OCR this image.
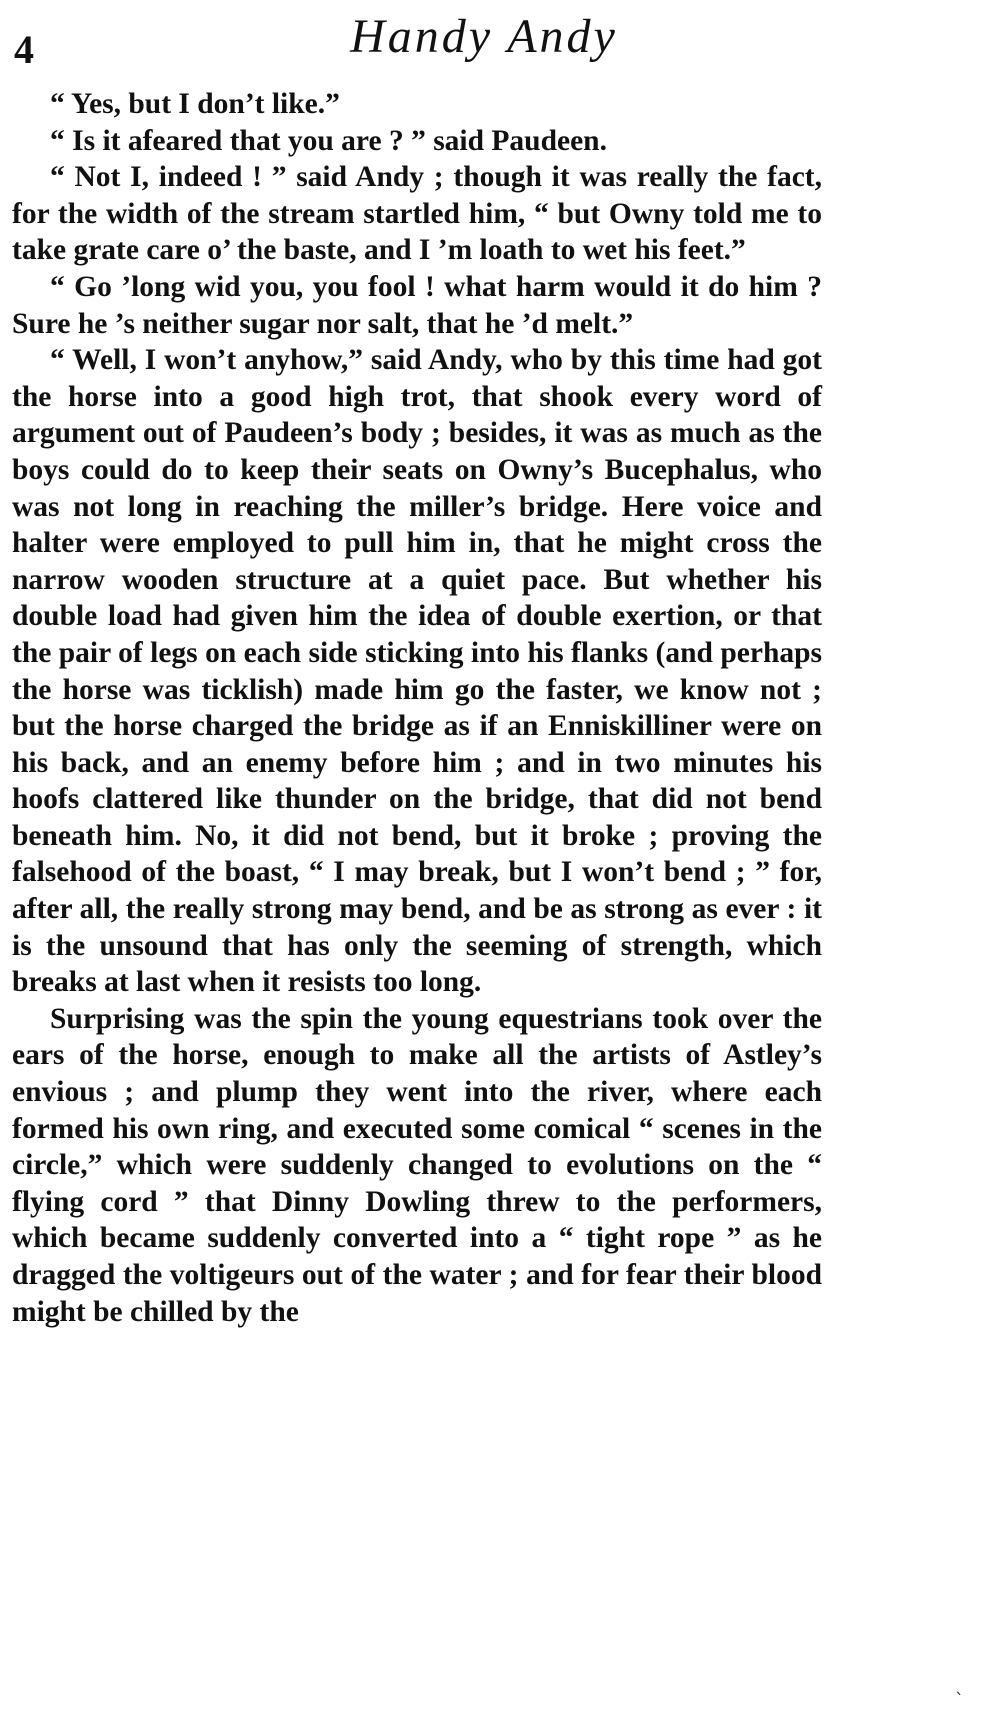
4	Handy Andy

“ Yes, but I don’t like.”

“ Is it afeared that you are ? ” said Paudeen.

“ Not I, indeed ! ” said Andy ; though it was really the fact, for the width of the stream startled him, “ but Owny told me to take grate care o’ the baste, and I ’m loath to wet his feet.”

“ Go ’long wid you, you fool ! what harm would it do him ? Sure he ’s neither sugar nor salt, that he ’d melt.”

“ Well, I won’t anyhow,” said Andy, who by this time had got the horse into a good high trot, that shook every word of argument out of Paudeen’s body ; besides, it was as much as the boys could do to keep their seats on Owny’s Bucephalus, who was not long in reaching the miller’s bridge. Here voice and halter were employed to pull him in, that he might cross the narrow wooden structure at a quiet pace. But whether his double load had given him the idea of double exertion, or that the pair of legs on each side sticking into his flanks (and perhaps the horse was ticklish) made him go the faster, we know not ; but the horse charged the bridge as if an Enniskilliner were on his back, and an enemy before him ; and in two minutes his hoofs clattered like thunder on the bridge, that did not bend beneath him. No, it did not bend, but it broke ; proving the falsehood of the boast, “ I may break, but I won’t bend ; ” for, after all, the really strong may bend, and be as strong as ever : it is the unsound that has only the seeming of strength, which breaks at last when it resists too long.

Surprising was the spin the young equestrians took over the ears of the horse, enough to make all the artists of Astley’s envious ; and plump they went into the river, where each formed his own ring, and executed some comical “ scenes in the circle,” which were suddenly changed to evolutions on the “ flying cord ” that Dinny Dowling threw to the performers, which became suddenly converted into a “ tight rope ” as he dragged the voltigeurs out of the water ; and for fear their blood might be chilled by the

`
